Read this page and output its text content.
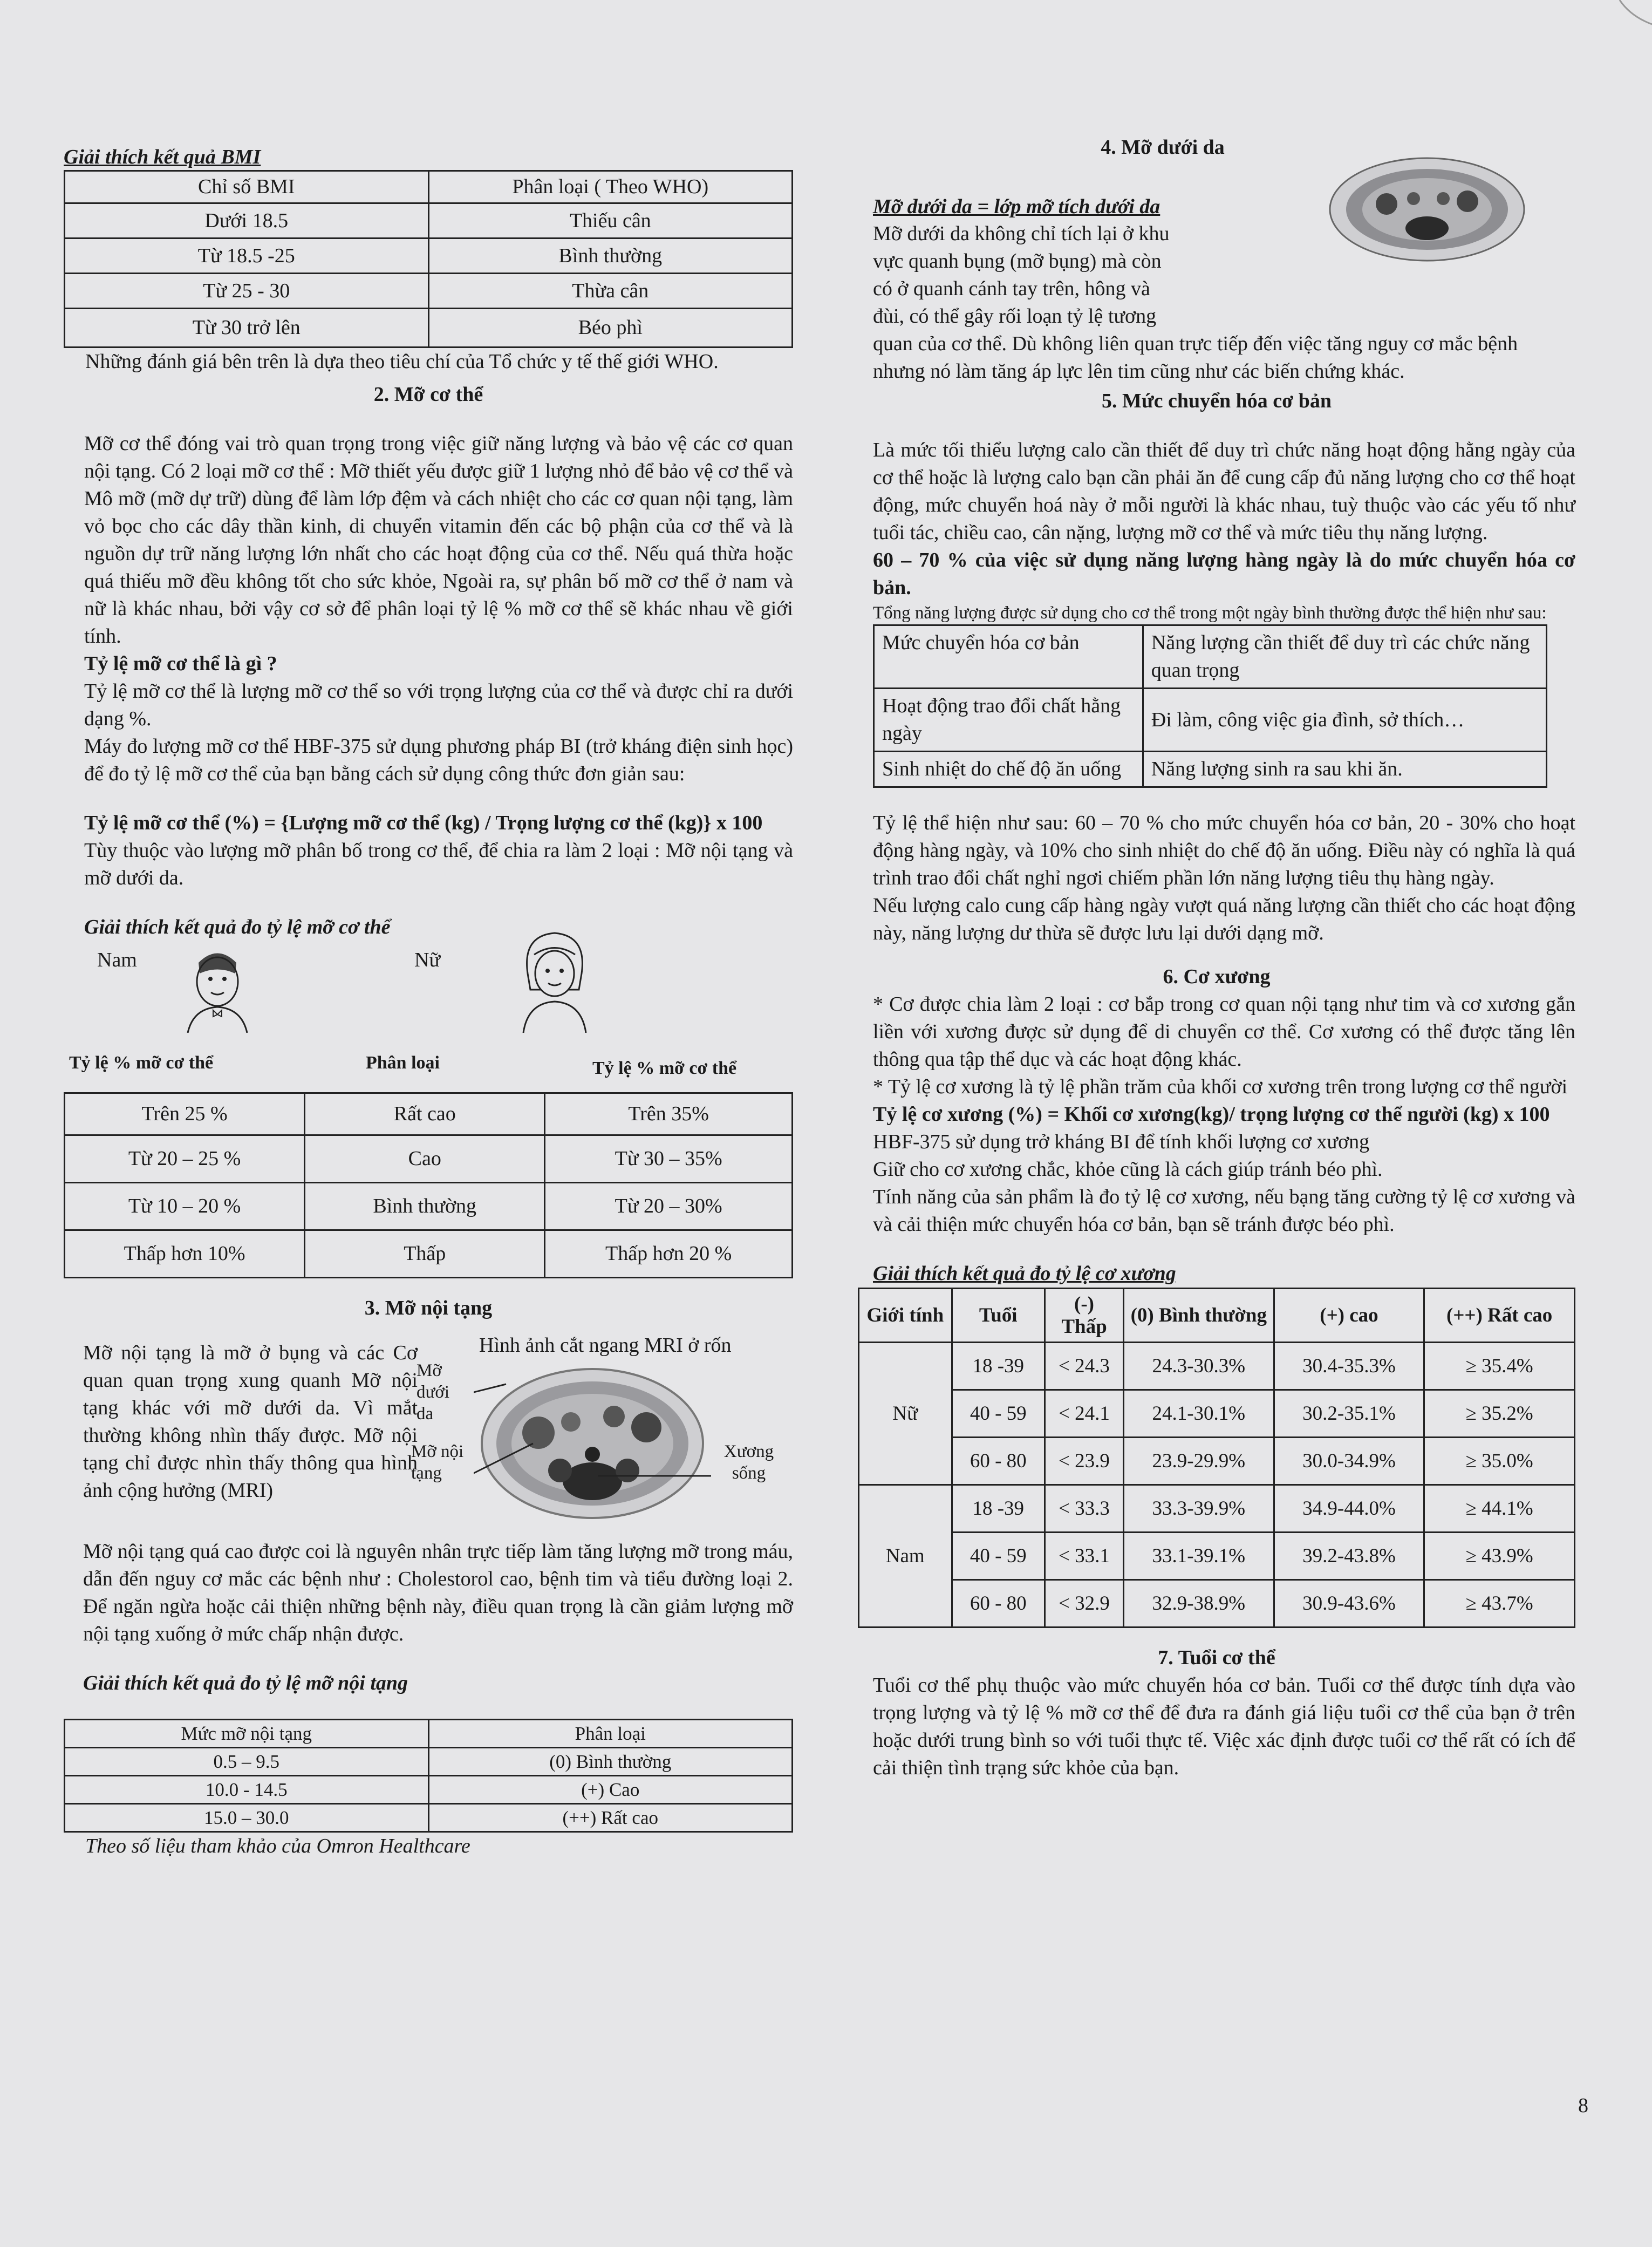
Giải thích kết quả BMI

Chỉ số BMI	Phân loại ( Theo WHO)
Dưới 18.5	Thiếu cân
Từ 18.5 -25	Bình thường
Từ 25 - 30	Thừa cân
Từ 30 trở lên	Béo phì

Những đánh giá bên trên là dựa theo tiêu chí của Tổ chức y tế thế giới WHO.

2. Mỡ cơ thể

Mỡ cơ thể đóng vai trò quan trọng trong việc giữ năng lượng và bảo vệ các cơ quan nội tạng. Có 2 loại mỡ cơ thể : Mỡ thiết yếu được giữ 1 lượng nhỏ để bảo vệ cơ thể và Mô mỡ (mỡ dự trữ) dùng để làm lớp đệm và cách nhiệt cho các cơ quan nội tạng, làm vỏ bọc cho các dây thần kinh, di chuyển vitamin đến các bộ phận của cơ thể và là nguồn dự trữ năng lượng lớn nhất cho các hoạt động của cơ thể. Nếu quá thừa hoặc quá thiếu mỡ đều không tốt cho sức khỏe, Ngoài ra, sự phân bố mỡ cơ thể ở nam và nữ là khác nhau, bởi vậy cơ sở để phân loại tỷ lệ % mỡ cơ thể sẽ khác nhau về giới tính.

Tỷ lệ mỡ cơ thể là gì ?

Tỷ lệ mỡ cơ thể là lượng mỡ cơ thể so với trọng lượng của cơ thể và được chỉ ra dưới dạng %.

Máy đo lượng mỡ cơ thể HBF-375 sử dụng phương pháp BI (trở kháng điện sinh học) để đo tỷ lệ mỡ cơ thể của bạn bằng cách sử dụng công thức đơn giản sau:

Tỷ lệ mỡ cơ thể (%) = {Lượng mỡ cơ thể (kg) / Trọng lượng cơ thể (kg)} x 100

Tùy thuộc vào lượng mỡ phân bố trong cơ thể, để chia ra làm 2 loại : Mỡ nội tạng và mỡ dưới da.

Giải thích kết quả đo tỷ lệ mỡ cơ thể

Nam	Nữ
Tỷ lệ % mỡ cơ thể	Phân loại	Tỷ lệ % mỡ cơ thể
Trên 25 %	Rất cao	Trên 35%
Từ 20 – 25 %	Cao	Từ 30 – 35%
Từ 10 – 20 %	Bình thường	Từ 20 – 30%
Thấp hơn 10%	Thấp	Thấp hơn 20 %

3. Mỡ nội tạng

Mỡ nội tạng là mỡ ở bụng và các Cơ quan quan trọng xung quanh Mỡ nội tạng khác với mỡ dưới da. Vì mắt thường không nhìn thấy được. Mỡ nội tạng chỉ được nhìn thấy thông qua hình ảnh cộng hưởng (MRI)

Hình ảnh cắt ngang MRI ở rốn
Mỡ dưới da
Mỡ nội tạng
Xương sống

Mỡ nội tạng quá cao được coi là nguyên nhân trực tiếp làm tăng lượng mỡ trong máu, dẫn đến nguy cơ mắc các bệnh như : Cholestorol cao, bệnh tim và tiểu đường loại 2. Để ngăn ngừa hoặc cải thiện những bệnh này, điều quan trọng là cần giảm lượng mỡ nội tạng xuống ở mức chấp nhận được.

Giải thích kết quả đo tỷ lệ mỡ nội tạng

Mức mỡ nội tạng	Phân loại
0.5 – 9.5	(0) Bình thường
10.0 - 14.5	(+) Cao
15.0 – 30.0	(++) Rất cao

Theo số liệu tham khảo của Omron Healthcare

4. Mỡ dưới da

Mỡ dưới da = lớp mỡ tích dưới da

Mỡ dưới da không chỉ tích lại ở khu vực quanh bụng (mỡ bụng) mà còn có ở quanh cánh tay trên, hông và đùi, có thể gây rối loạn tỷ lệ tương quan của cơ thể. Dù không liên quan trực tiếp đến việc tăng nguy cơ mắc bệnh nhưng nó làm tăng áp lực lên tim cũng như các biến chứng khác.

5. Mức chuyển hóa cơ bản

Là mức tối thiểu lượng calo cần thiết để duy trì chức năng hoạt động hằng ngày của cơ thể hoặc là lượng calo bạn cần phải ăn để cung cấp đủ năng lượng cho cơ thể hoạt động, mức chuyển hoá này ở mỗi người là khác nhau, tuỳ thuộc vào các yếu tố như tuổi tác, chiều cao, cân nặng, lượng mỡ cơ thể và mức tiêu thụ năng lượng.

60 – 70 % của việc sử dụng năng lượng hàng ngày là do mức chuyển hóa cơ bản.

Tổng năng lượng được sử dụng cho cơ thể trong một ngày bình thường được thể hiện như sau:

Mức chuyển hóa cơ bản	Năng lượng cần thiết để duy trì các chức năng quan trọng
Hoạt động trao đổi chất hằng ngày	Đi làm, công việc gia đình, sở thích…
Sinh nhiệt do chế độ ăn uống	Năng lượng sinh ra sau khi ăn.

Tỷ lệ thể hiện như sau: 60 – 70 % cho mức chuyển hóa cơ bản, 20 - 30% cho hoạt động hàng ngày, và 10% cho sinh nhiệt do chế độ ăn uống. Điều này có nghĩa là quá trình trao đổi chất nghỉ ngơi chiếm phần lớn năng lượng tiêu thụ hàng ngày.

Nếu lượng calo cung cấp hàng ngày vượt quá năng lượng cần thiết cho các hoạt động này, năng lượng dư thừa sẽ được lưu lại dưới dạng mỡ.

6. Cơ xương

* Cơ được chia làm 2 loại : cơ bắp trong cơ quan nội tạng như tim và cơ xương gắn liền với xương được sử dụng để di chuyển cơ thể. Cơ xương có thể được tăng lên thông qua tập thể dục và các hoạt động khác.

* Tỷ lệ cơ xương là tỷ lệ phần trăm của khối cơ xương trên trong lượng cơ thể người

Tỷ lệ cơ xương (%) = Khối cơ xương(kg)/ trọng lượng cơ thể người (kg) x 100

HBF-375 sử dụng trở kháng BI để tính khối lượng cơ xương

Giữ cho cơ xương chắc, khỏe cũng là cách giúp tránh béo phì.

Tính năng của sản phẩm là đo tỷ lệ cơ xương, nếu bạng tăng cường tỷ lệ cơ xương và và cải thiện mức chuyển hóa cơ bản, bạn sẽ tránh được béo phì.

Giải thích kết quả đo tỷ lệ cơ xương

Giới tính	Tuổi	(-) Thấp	(0) Bình thường	(+) cao	(++) Rất cao
Nữ	18 -39	< 24.3	24.3-30.3%	30.4-35.3%	≥ 35.4%
	40 - 59	< 24.1	24.1-30.1%	30.2-35.1%	≥ 35.2%
	60 - 80	< 23.9	23.9-29.9%	30.0-34.9%	≥ 35.0%
Nam	18 -39	< 33.3	33.3-39.9%	34.9-44.0%	≥ 44.1%
	40 - 59	< 33.1	33.1-39.1%	39.2-43.8%	≥ 43.9%
	60 - 80	< 32.9	32.9-38.9%	30.9-43.6%	≥ 43.7%

7. Tuổi cơ thể

Tuổi cơ thể phụ thuộc vào mức chuyển hóa cơ bản. Tuổi cơ thể được tính dựa vào trọng lượng và tỷ lệ % mỡ cơ thể để đưa ra đánh giá liệu tuổi cơ thể của bạn ở trên hoặc dưới trung bình so với tuổi thực tế. Việc xác định được tuổi cơ thể rất có ích để cải thiện tình trạng sức khỏe của bạn.

8
